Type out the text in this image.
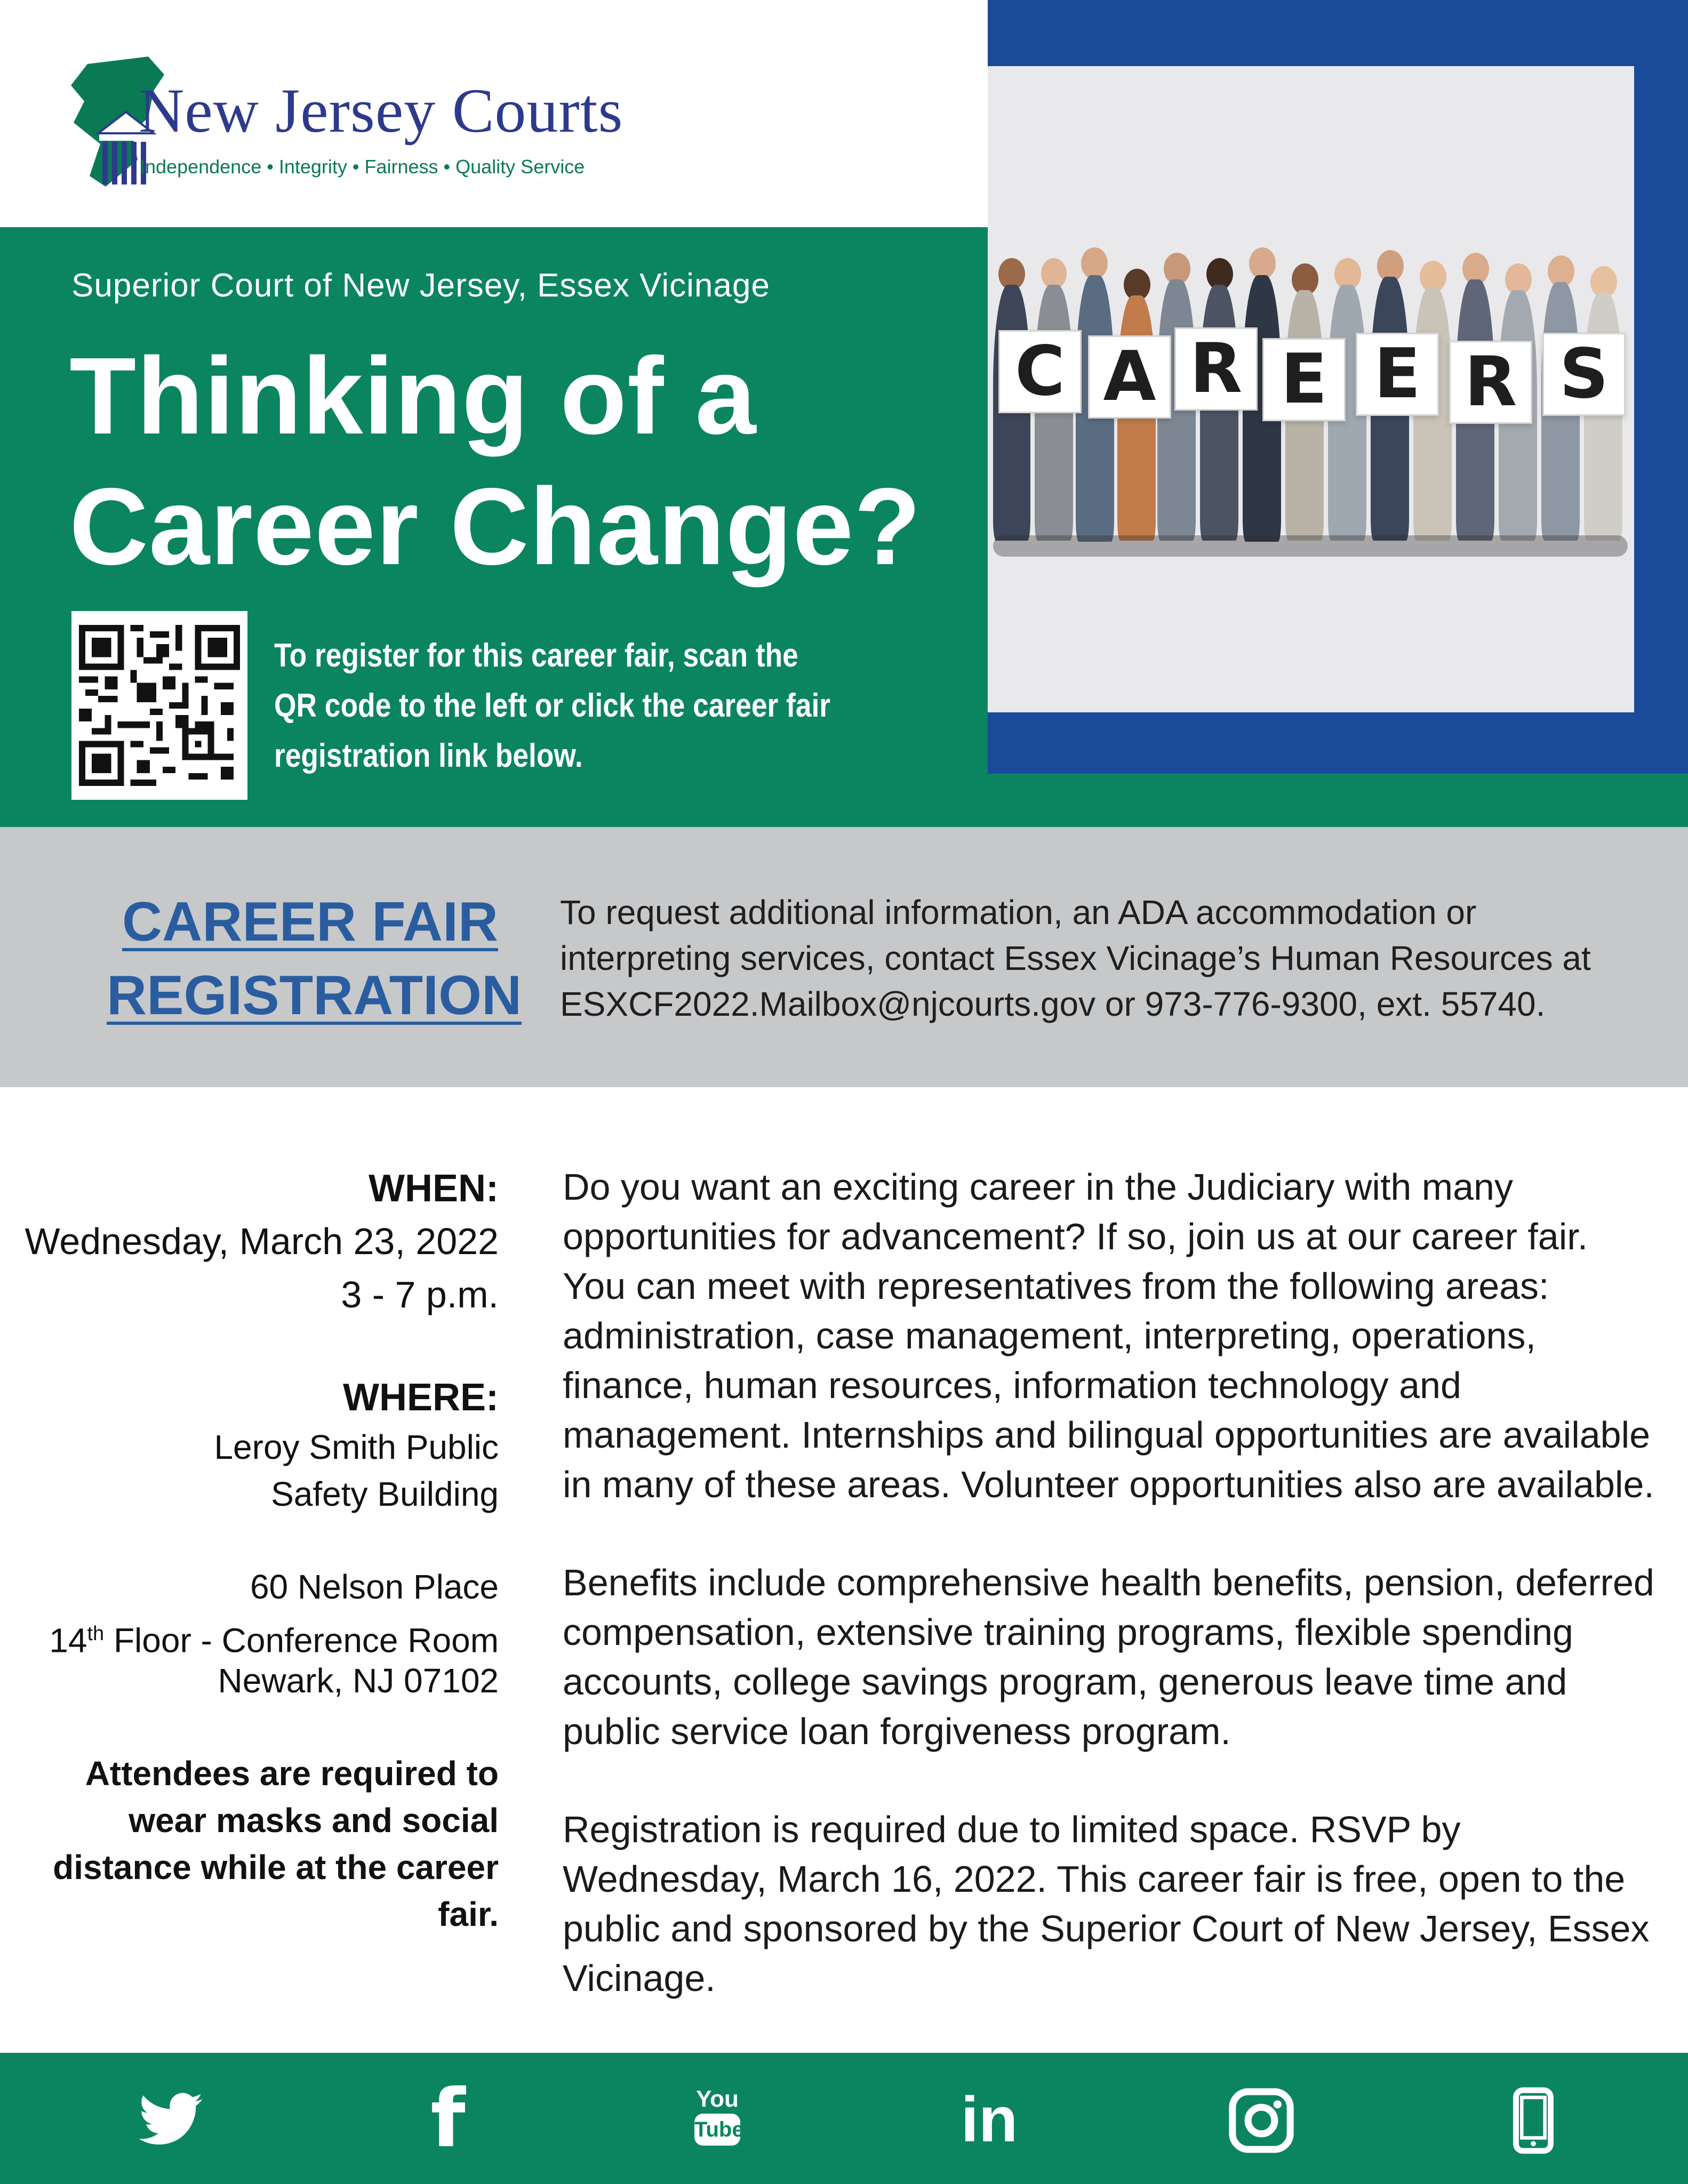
New Jersey Courts
Independence • Integrity • Fairness • Quality Service
Superior Court of New Jersey, Essex Vicinage
Thinking of a Career Change?
To register for this career fair, scan the QR code to the left or click the career fair registration link below.
C A R E E R S
CAREER FAIR
REGISTRATION
To request additional information, an ADA accommodation or interpreting services, contact Essex Vicinage’s Human Resources at ESXCF2022.Mailbox@njcourts.gov or 973-776-9300, ext. 55740.
WHEN:
Wednesday, March 23, 2022
3 - 7 p.m.
WHERE:
Leroy Smith Public
Safety Building
60 Nelson Place
14th Floor - Conference Room
Newark, NJ 07102
Attendees are required to wear masks and social distance while at the career fair.
Do you want an exciting career in the Judiciary with many opportunities for advancement? If so, join us at our career fair. You can meet with representatives from the following areas: administration, case management, interpreting, operations, finance, human resources, information technology and management. Internships and bilingual opportunities are available in many of these areas. Volunteer opportunities also are available.
Benefits include comprehensive health benefits, pension, deferred compensation, extensive training programs, flexible spending accounts, college savings program, generous leave time and public service loan forgiveness program.
Registration is required due to limited space. RSVP by Wednesday, March 16, 2022. This career fair is free, open to the public and sponsored by the Superior Court of New Jersey, Essex Vicinage.
f	You
Tube	in
